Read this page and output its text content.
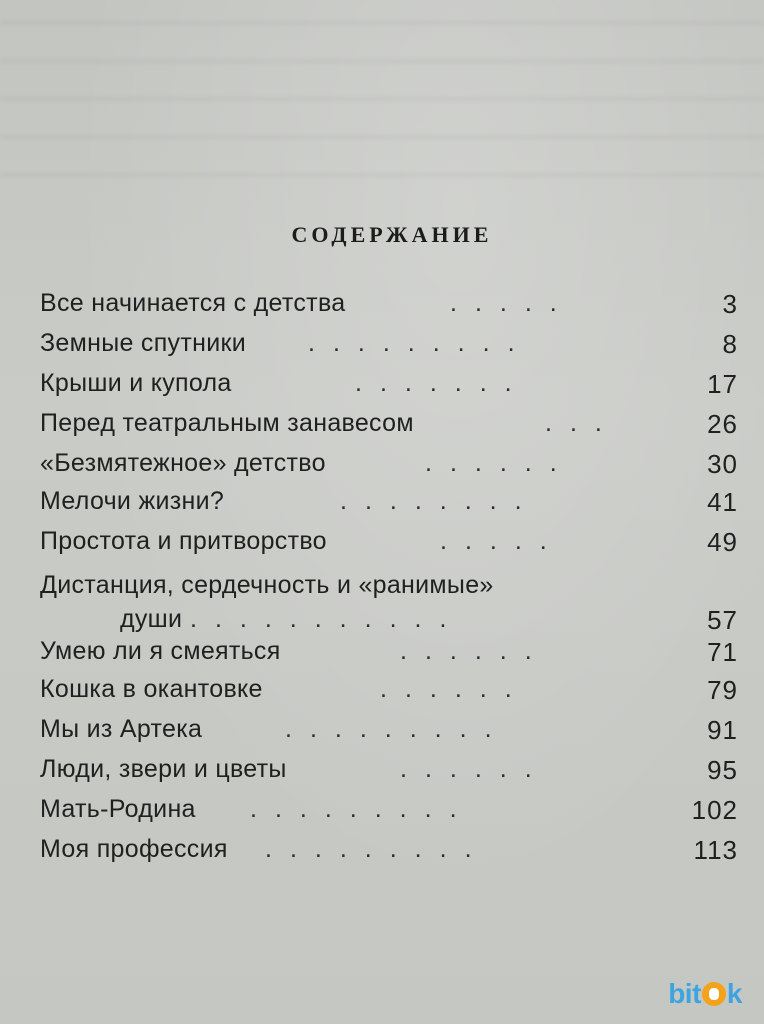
СОДЕРЖАНИЕ
Все начинается с детства	.....	3
Земные спутники .........	8
Крыши и купола	.......	17
Перед театральным занавесом	...	26
«Безмятежное» детство	......	30
Мелочи жизни?	........	41
Простота и притворство	.....	49
Дистанция, сердечность и «ранимые»
души ...........	57
Умею ли я смеяться	......	71
Кошка в окантовке	......	79
Мы из Артека	.........	91
Люди, звери и цветы	......	95
Мать-Родина .........	102
Моя профессия .........	113
bit k
